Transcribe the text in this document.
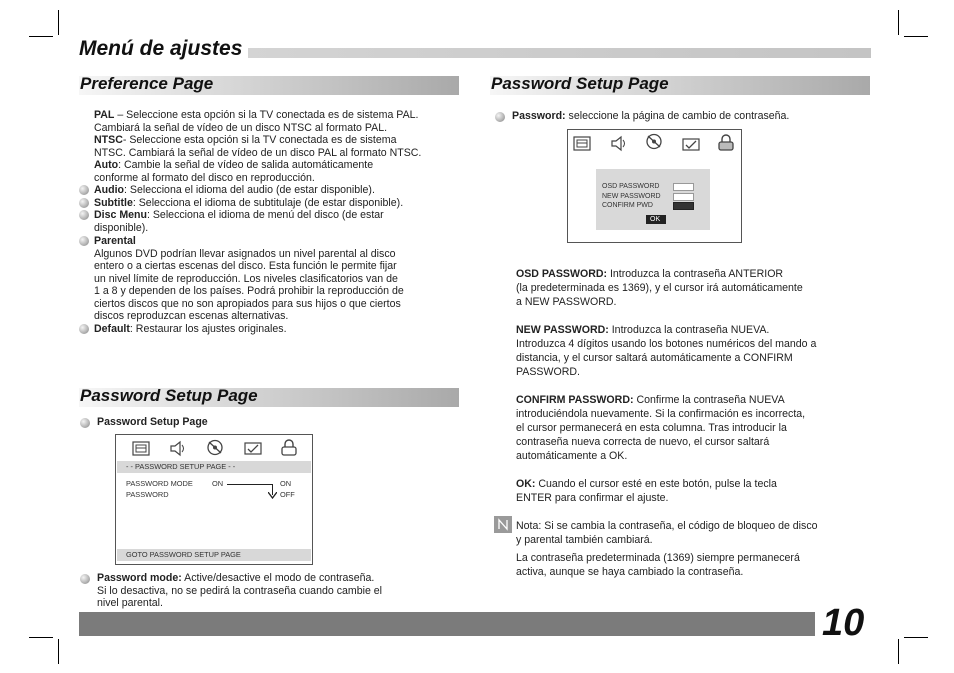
Menú de ajustes
Preference Page
PAL – Seleccione esta opción si la TV conectada es de sistema PAL.
Cambiará la señal de vídeo de un disco NTSC al formato PAL.
NTSC- Seleccione esta opción si la TV conectada es de sistema
NTSC. Cambiará la señal de vídeo de un disco PAL al formato NTSC.
Auto: Cambie la señal de vídeo de salida automáticamente
conforme al formato del disco en reproducción.
Audio: Selecciona el idioma del audio (de estar disponible).
Subtitle: Selecciona el idioma de subtitulaje (de estar disponible).
Disc Menu: Selecciona el idioma de menú del disco (de estar
disponible).
Parental
Algunos DVD podrían llevar asignados un nivel parental al disco
entero o a ciertas escenas del disco. Esta función le permite fijar
un nivel límite de reproducción. Los niveles clasificatorios van de
1 a 8 y dependen de los países. Podrá prohibir la reproducción de
ciertos discos que no son apropiados para sus hijos o que ciertos
discos reproduzcan escenas alternativas.
Default: Restaurar los ajustes originales.
Password Setup Page
Password Setup Page
- - PASSWORD SETUP PAGE - -
PASSWORD MODE	ON
PASSWORD
ON
OFF
GOTO PASSWORD SETUP PAGE
Password mode: Active/desactive el modo de contraseña.
Si lo desactiva, no se pedirá la contraseña cuando cambie el
nivel parental.
Password Setup Page
Password: seleccione la página de cambio de contraseña.
OSD PASSWORD
NEW PASSWORD
CONFIRM PWD
OK
OSD PASSWORD: Introduzca la contraseña ANTERIOR
(la predeterminada es 1369), y el cursor irá automáticamente
a NEW PASSWORD.
NEW PASSWORD: Introduzca la contraseña NUEVA.
Introduzca 4 dígitos usando los botones numéricos del mando a
distancia, y el cursor saltará automáticamente a CONFIRM
PASSWORD.
CONFIRM PASSWORD: Confirme la contraseña NUEVA
introduciéndola nuevamente. Si la confirmación es incorrecta,
el cursor permanecerá en esta columna. Tras introducir la
contraseña nueva correcta de nuevo, el cursor saltará
automáticamente a OK.
OK: Cuando el cursor esté en este botón, pulse la tecla
ENTER para confirmar el ajuste.
Nota: Si se cambia la contraseña, el código de bloqueo de disco
y parental también cambiará.
La contraseña predeterminada (1369) siempre permanecerá
activa, aunque se haya cambiado la contraseña.
10
